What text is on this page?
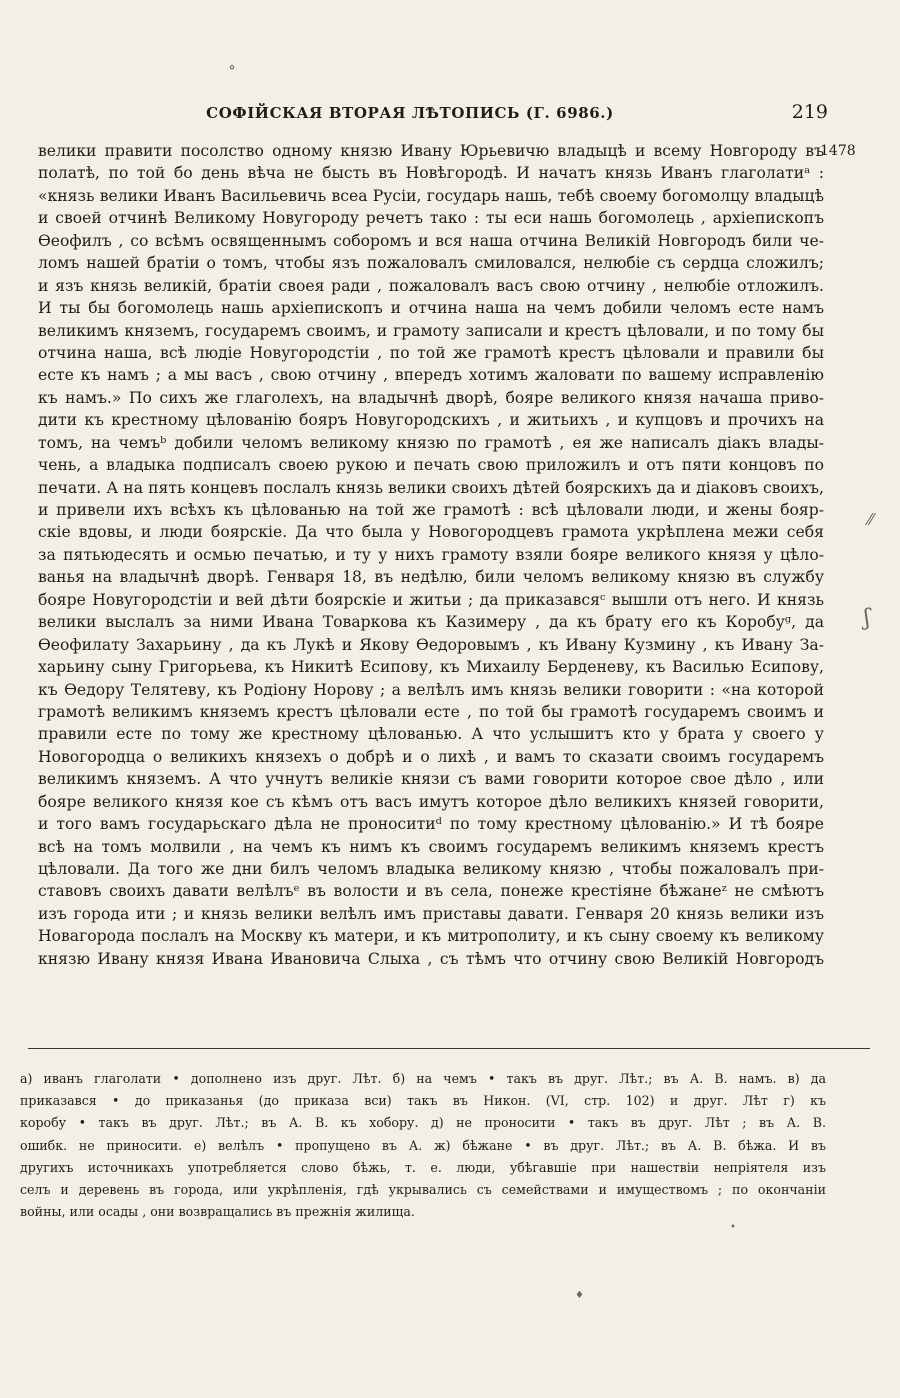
˚
СОФІЙСКАЯ ВТОРАЯ ЛѢТОПИСЬ (Г. 6986.)	219
1478
велики правити посолство одному князю Ивану Юрьевичю владыцѣ и всему Новгороду въ
полатѣ, по той бо день вѣча не бысть въ Новѣгородѣ. И начатъ князь Иванъ глаголатиᵃ :
«князь велики Иванъ Васильевичь всеа Русіи, государь нашь, тебѣ своему богомолцу владыцѣ
и своей отчинѣ Великому Новугороду речетъ тако : ты еси нашь богомолець , архіепископъ
Ѳеофилъ , со всѣмъ освященнымъ соборомъ и вся наша отчина Великій Новгородъ били че-
ломъ нашей братіи о томъ, чтобы язъ пожаловалъ смиловался, нелюбіе съ сердца сложилъ;
и язъ князь великій, братіи своея ради , пожаловалъ васъ свою отчину , нелюбіе отложилъ.
И ты бы богомолець нашь архіепископъ и отчина наша на чемъ добили челомъ есте намъ
великимъ княземъ, государемъ своимъ, и грамоту записали и крестъ цѣловали, и по тому бы
отчина наша, всѣ людіе Новугородстіи , по той же грамотѣ крестъ цѣловали и правили бы
есте къ намъ ; а мы васъ , свою отчину , впередъ хотимъ жаловати по вашему исправленію
къ намъ.» По сихъ же глаголехъ, на владычнѣ дворѣ, бояре великого князя начаша приво-
дити къ крестному цѣлованію бояръ Новугородскихъ , и житьихъ , и купцовъ и прочихъ на
томъ, на чемъᵇ добили челомъ великому князю по грамотѣ , ея же написалъ діакъ влады-
чень, а владыка подписалъ своею рукою и печать свою приложилъ и отъ пяти концовъ по
печати. А на пять концевъ послалъ князь велики своихъ дѣтей боярскихъ да и діаковъ своихъ,
и привели ихъ всѣхъ къ цѣлованью на той же грамотѣ : всѣ цѣловали люди, и жены бояр-
скіе вдовы, и люди боярскіе. Да что была у Новогородцевъ грамота укрѣплена межи себя
за пятьюдесять и осмью печатью, и ту у нихъ грамоту взяли бояре великого князя у цѣло-
ванья на владычнѣ дворѣ. Генваря 18, въ недѣлю, били челомъ великому князю въ службу
бояре Новугородстіи и вей дѣти боярскіе и житьи ; да приказавсяᶜ вышли отъ него. И князь
велики выслалъ за ними Ивана Товаркова къ Казимеру , да къ брату его къ Коробуᵍ, да
Ѳеофилату Захарьину , да къ Лукѣ и Якову Ѳедоровымъ , къ Ивану Кузмину , къ Ивану За-
харьину сыну Григорьева, къ Никитѣ Есипову, къ Михаилу Берденеву, къ Василью Есипову,
къ Ѳедору Телятеву, къ Родіону Норову ; а велѣлъ имъ князь велики говорити : «на которой
грамотѣ великимъ княземъ крестъ цѣловали есте , по той бы грамотѣ государемъ своимъ и
правили есте по тому же крестному цѣлованью. А что услышитъ кто у брата у своего у
Новогородца о великихъ князехъ о добрѣ и о лихѣ , и вамъ то сказати своимъ государемъ
великимъ княземъ. А что учнутъ великіе князи съ вами говорити которое свое дѣло , или
бояре великого князя кое съ кѣмъ отъ васъ имутъ которое дѣло великихъ князей говорити,
и того вамъ государьскаго дѣла не проноситиᵈ по тому крестному цѣлованію.» И тѣ бояре
всѣ на томъ молвили , на чемъ къ нимъ къ своимъ государемъ великимъ княземъ крестъ
цѣловали. Да того же дни билъ челомъ владыка великому князю , чтобы пожаловалъ при-
ставовъ своихъ давати велѣлъᵉ въ волости и въ села, понеже крестіяне бѣжанеᶻ не смѣютъ
изъ города ити ; и князь велики велѣлъ имъ приставы давати. Генваря 20 князь велики изъ
Новагорода послалъ на Москву къ матери, и къ митрополиту, и къ сыну своему къ великому
князю Ивану князя Ивана Ивановича Слыха , съ тѣмъ что отчину свою Великій Новгородъ
⁄⁄
ʃ
а) иванъ глаголати • дополнено изъ друг. Лѣт. б) на чемъ • такъ въ друг. Лѣт.; въ А. В. намъ. в) да
приказався • до приказанья (до приказа вси) такъ въ Никон. (VI, стр. 102) и друг. Лѣт г) къ
коробу • такъ въ друг. Лѣт.; въ А. В. къ хобору. д) не проносити • такъ въ друг. Лѣт ; въ А. В.
ошибк. не приносити. е) велѣлъ • пропущено въ А. ж) бѣжане • въ друг. Лѣт.; въ А. В. бѣжа. И въ
другихъ источникахъ употребляется слово бѣжь, т. е. люди, убѣгавшіе при нашествіи непріятеля изъ
селъ и деревень въ города, или укрѣпленія, гдѣ укрывались съ семействами и имуществомъ ; по окончаніи
войны, или осады , они возвращались въ прежнія жилища.
•
♦
